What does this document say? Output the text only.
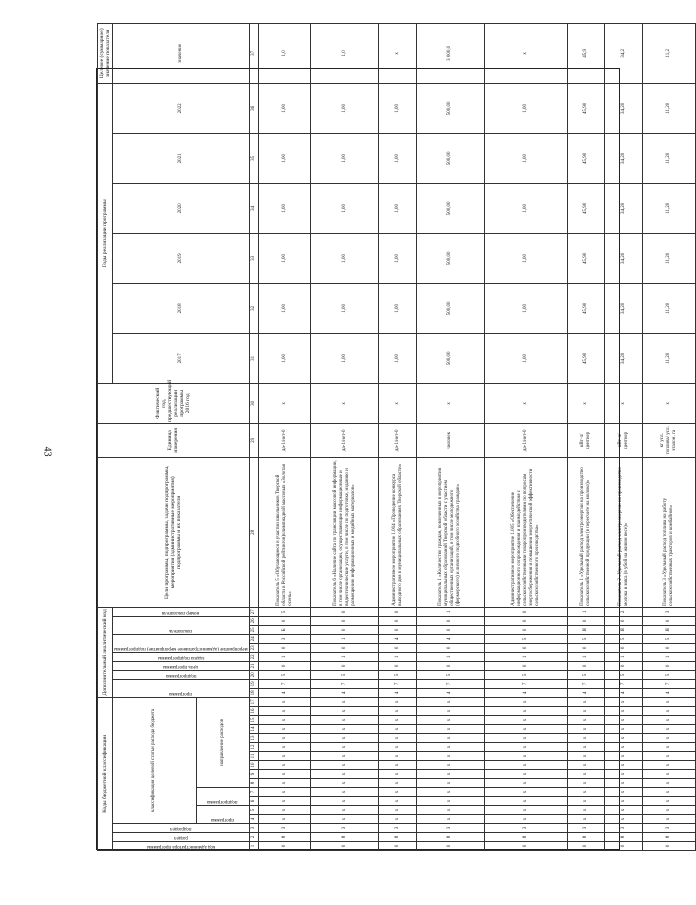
43
Коды бюджетной классификации																	Дополнительный аналитический код										Цели программы, подпрограммы, задачи подпрограммы, мероприятия (административные мероприятия) подпрограммы и их показатели	Единица измерения	Фактический год, предшествующий реализации программы 2016 год	Годы реализации программы						Целевое (суммарное) значение показателя

код администратора программы	раздел	подраздел	классификация целевой статьи расхода бюджета														программа		подпрограмма	цель программы	задача подпрограммы	мероприятие (административное мероприятие) подпрограммы		показатель		номер показателя				2017	2018	2019	2020	2021	2022	значение

			программа		подпрограмма		направление расходов																													

1	2	3	4	5	6	7	8	9	10	11	12	13	14	15	16	17	18	19	20	21	22	23	24	25	26	27	28	29	30	31	32	33	34	35	36	37
0	8	3	х	х	х	х	х	х	х	х	х	х	х	х	х	х	4	7	5	0	1	0	3	Б	0	5	Показатель 5 «Обучающиеся в участии школьников Тверской области в Российской рейтингов)олимпиадной массовых «Золотая осень»	да-1/нет-0	х	1,00	1,00	1,00	1,00	1,00	1,00	1,0
0	8	3	х	х	х	х	х	х	х	х	х	х	х	х	х	х	4	7	5	0	1	0	1	0	0	0	Показатель 6 «Наличие сайта по трансляции массовой информации, в том числе организации, осуществляющие информационные и видеотехнические услуги, в том числе по подготовке, изданию и размещению информационных и медийных материалов»	да-1/нет-0	х	1,00	1,00	1,00	1,00	1,00	1,00	1,0
0	8	3	х	х	х	х	х	х	х	х	х	х	х	х	х	х	4	7	5	0	1	0	4	0	0	0	Административное мероприятие 1.004 «Проведение конкурса выходного дня в муниципальных образованиях Тверской области»	да-1/нет-0	х	1,00	1,00	1,00	1,00	1,00	1,00	х
0	8	3	х	х	х	х	х	х	х	х	х	х	х	х	х	х	4	7	5	0	1	0	4	0	0	1	Показатель 1 «Количество граждан, вовлеченных в мероприятия муниципальных образований Тверской области с участием общественных организаций, в том числе молодежного (фермерского) и личного подсобного хозяйства граждан»	человек	х	500,00	500,00	500,00	500,00	500,00	500,00	3 000,0
0	8	3	х	х	х	х	х	х	х	х	х	х	х	х	х	х	4	7	5	0	1	0	5	0	0	0	Административное мероприятие 1.005 «Обеспечение информационного сопровождения и взаимодействия с сельскохозяйственными товаропроизводителями по вопросам энергосбережения и повышения энергетической эффективности сельскохозяйственного производства»	да-1/нет-0	х	1,00	1,00	1,00	1,00	1,00	1,00	х
0	8	3	х	х	х	х	х	х	х	х	х	х	х	х	х	х	4	7	5	0	1	0	5	Я	0	1	Показатель 1 «Удельный расход электроэнергии на производство сельскохозяйственной продукции (в пересчете на молоко)»	кВт·ч/ центнер	х	45,90	45,90	45,90	45,90	45,90	45,90	45,9
0	8	3	х	х	х	х	х	х	х	х	х	х	х	х	х	х	4	7	5	0	1	0	5	Я	0	2	Показатель 2 «Удельный расход электроэнергии на производство молока и мяса (в убой на живом весе)»	кВт·ч/ центнер	х	34,20	34,20	34,20	34,20	34,20	34,20	34,2
0	8	3	х	х	х	х	х	х	х	х	х	х	х	х	х	х	4	7	5	0	1	0	5	Я	0	3	Показатель 3 «Удельный расход топлива на работу сельскохозяйственных тракторов и комбайнов»	кг усл. топлива/ усл. эталон. га	х	11,20	11,20	11,20	11,20	11,20	11,20	11,2
